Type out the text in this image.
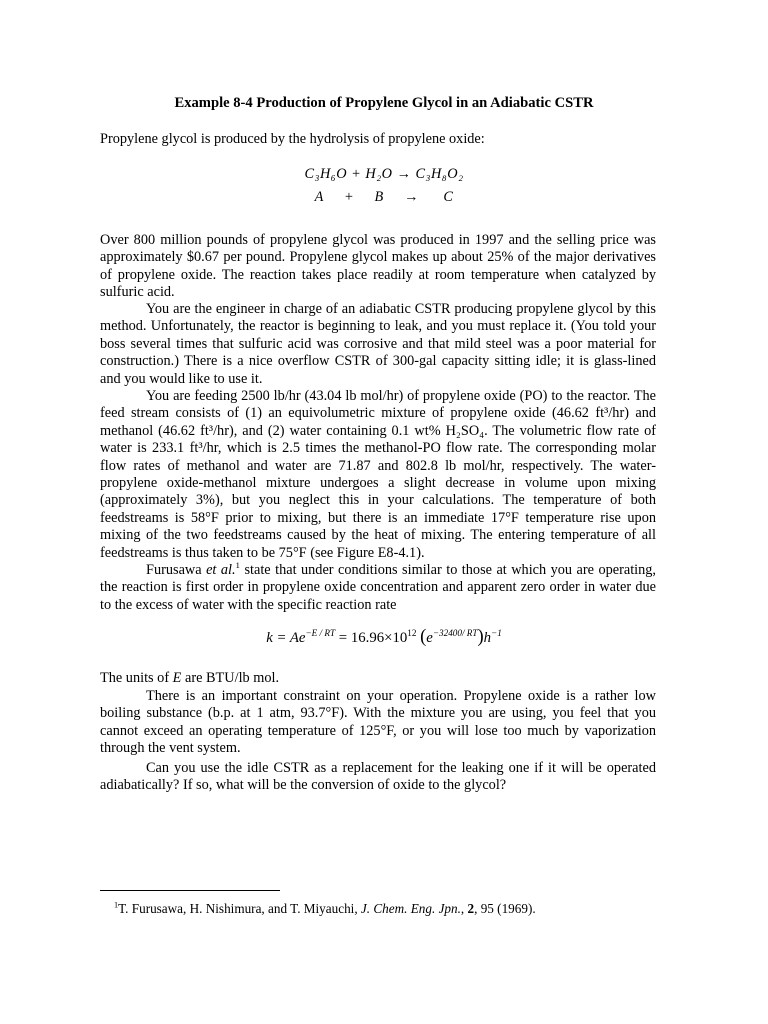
Example 8-4 Production of Propylene Glycol in an Adiabatic CSTR

Propylene glycol is produced by the hydrolysis of propylene oxide:

C₃H₆O + H₂O → C₃H₈O₂
A     +     B     →      C

Over 800 million pounds of propylene glycol was produced in 1997 and the selling price was approximately $0.67 per pound. Propylene glycol makes up about 25% of the major derivatives of propylene oxide. The reaction takes place readily at room temperature when catalyzed by sulfuric acid.

You are the engineer in charge of an adiabatic CSTR producing propylene glycol by this method. Unfortunately, the reactor is beginning to leak, and you must replace it. (You told your boss several times that sulfuric acid was corrosive and that mild steel was a poor material for construction.) There is a nice overflow CSTR of 300-gal capacity sitting idle; it is glass-lined and you would like to use it.

You are feeding 2500 lb/hr (43.04 lb mol/hr) of propylene oxide (PO) to the reactor. The feed stream consists of (1) an equivolumetric mixture of propylene oxide (46.62 ft³/hr) and methanol (46.62 ft³/hr), and (2) water containing 0.1 wt% H₂SO₄. The volumetric flow rate of water is 233.1 ft³/hr, which is 2.5 times the methanol-PO flow rate. The corresponding molar flow rates of methanol and water are 71.87 and 802.8 lb mol/hr, respectively. The water-propylene oxide-methanol mixture undergoes a slight decrease in volume upon mixing (approximately 3%), but you neglect this in your calculations. The temperature of both feedstreams is 58°F prior to mixing, but there is an immediate 17°F temperature rise upon mixing of the two feedstreams caused by the heat of mixing. The entering temperature of all feedstreams is thus taken to be 75°F (see Figure E8-4.1).

Furusawa et al.$^1$ state that under conditions similar to those at which you are operating, the reaction is first order in propylene oxide concentration and apparent zero order in water due to the excess of water with the specific reaction rate

$k = Ae^{-E / RT} = 16.96\times 10^{12}$ $(e^{-32400/ RT})h^{-1}$

The units of E are BTU/lb mol.

There is an important constraint on your operation. Propylene oxide is a rather low boiling substance (b.p. at 1 atm, 93.7°F). With the mixture you are using, you feel that you cannot exceed an operating temperature of 125°F, or you will lose too much by vaporization through the vent system.

Can you use the idle CSTR as a replacement for the leaking one if it will be operated adiabatically? If so, what will be the conversion of oxide to the glycol?

$^1$T. Furusawa, H. Nishimura, and T. Miyauchi, J. Chem. Eng. Jpn., 2, 95 (1969).
